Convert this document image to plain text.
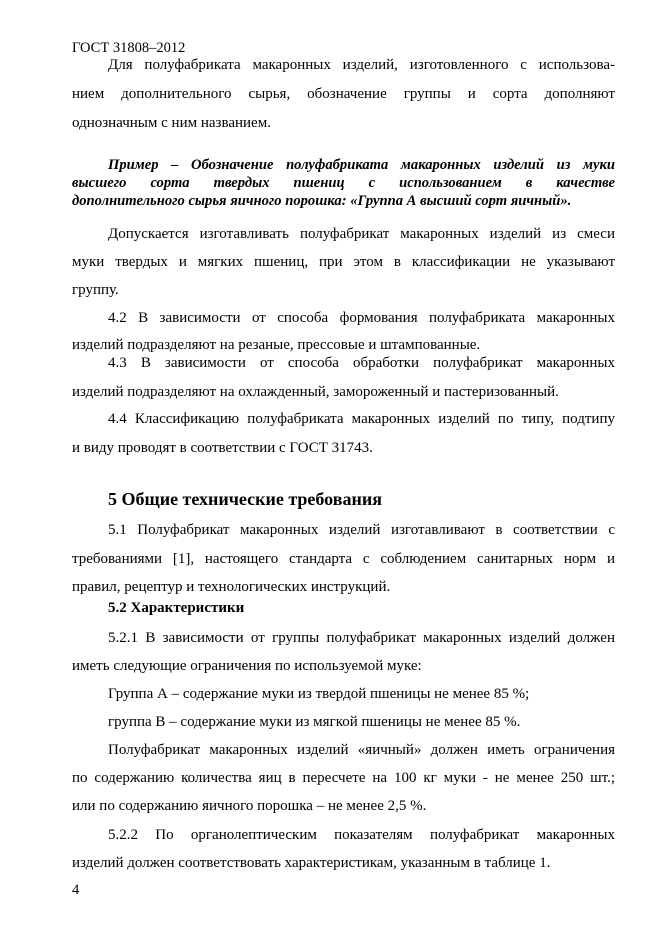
ГОСТ 31808–2012
Для полуфабриката макаронных изделий, изготовленного с использова-
нием дополнительного сырья, обозначение группы и сорта дополняют
однозначным с ним названием.
Пример – Обозначение полуфабриката макаронных изделий из муки
высшего сорта твердых пшениц с использованием в качестве
дополнительного сырья яичного порошка: «Группа А высший сорт яичный».
Допускается изготавливать полуфабрикат макаронных изделий из смеси
муки твердых и мягких пшениц, при этом в классификации не указывают
группу.
4.2 В зависимости от способа формования полуфабриката макаронных
изделий подразделяют на резаные, прессовые и штампованные.
4.3 В зависимости от способа обработки полуфабрикат макаронных
изделий подразделяют на охлажденный, замороженный и пастеризованный.
4.4 Классификацию полуфабриката макаронных изделий по типу, подтипу
и виду проводят в соответствии с ГОСТ 31743.
5 Общие технические требования
5.1 Полуфабрикат макаронных изделий изготавливают в соответствии с
требованиями [1], настоящего стандарта с соблюдением санитарных норм и
правил, рецептур и технологических инструкций.
5.2 Характеристики
5.2.1 В зависимости от группы полуфабрикат макаронных изделий должен
иметь следующие ограничения по используемой муке:
Группа А – содержание муки из твердой пшеницы не менее 85 %;
группа В – содержание муки из мягкой пшеницы не менее 85 %.
Полуфабрикат макаронных изделий «яичный» должен иметь ограничения
по содержанию количества яиц в пересчете на 100 кг муки - не менее 250 шт.;
или по содержанию яичного порошка – не менее 2,5 %.
5.2.2 По органолептическим показателям полуфабрикат макаронных
изделий должен соответствовать характеристикам, указанным в таблице 1.
4
